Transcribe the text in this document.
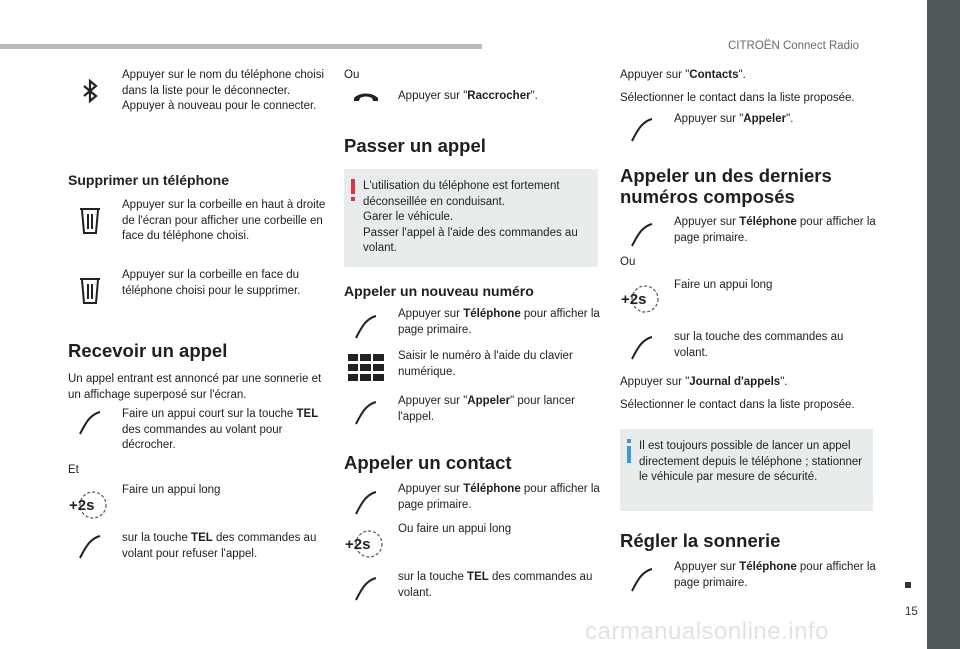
CITROËN Connect Radio
15
carmanualsonline.info
Appuyer sur le nom du téléphone choisi dans la liste pour le déconnecter.
Appuyer à nouveau pour le connecter.

Supprimer un téléphone

Appuyer sur la corbeille en haut à droite de l'écran pour afficher une corbeille en face du téléphone choisi.
Appuyer sur la corbeille en face du téléphone choisi pour le supprimer.

Recevoir un appel

Un appel entrant est annoncé par une sonnerie et un affichage superposé sur l'écran.

Faire un appui court sur la touche TEL des commandes au volant pour décrocher.

Et

+2s
Faire un appui long
sur la touche TEL des commandes au volant pour refuser l'appel.

Ou

Appuyer sur "Raccrocher".

Passer un appel

L'utilisation du téléphone est fortement déconseillée en conduisant.
Garer le véhicule.
Passer l'appel à l'aide des commandes au volant.

Appeler un nouveau numéro

Appuyer sur Téléphone pour afficher la page primaire.
Saisir le numéro à l'aide du clavier numérique.
Appuyer sur "Appeler" pour lancer l'appel.

Appeler un contact

Appuyer sur Téléphone pour afficher la page primaire.
+2s
Ou faire un appui long
sur la touche TEL des commandes au volant.

Appuyer sur "Contacts".

Sélectionner le contact dans la liste proposée.

Appuyer sur "Appeler".

Appeler un des derniers numéros composés

Appuyer sur Téléphone pour afficher la page primaire.

Ou

+2s
Faire un appui long
sur la touche des commandes au volant.

Appuyer sur "Journal d'appels".

Sélectionner le contact dans la liste proposée.

Il est toujours possible de lancer un appel directement depuis le téléphone ; stationner le véhicule par mesure de sécurité.

Régler la sonnerie

Appuyer sur Téléphone pour afficher la page primaire.
